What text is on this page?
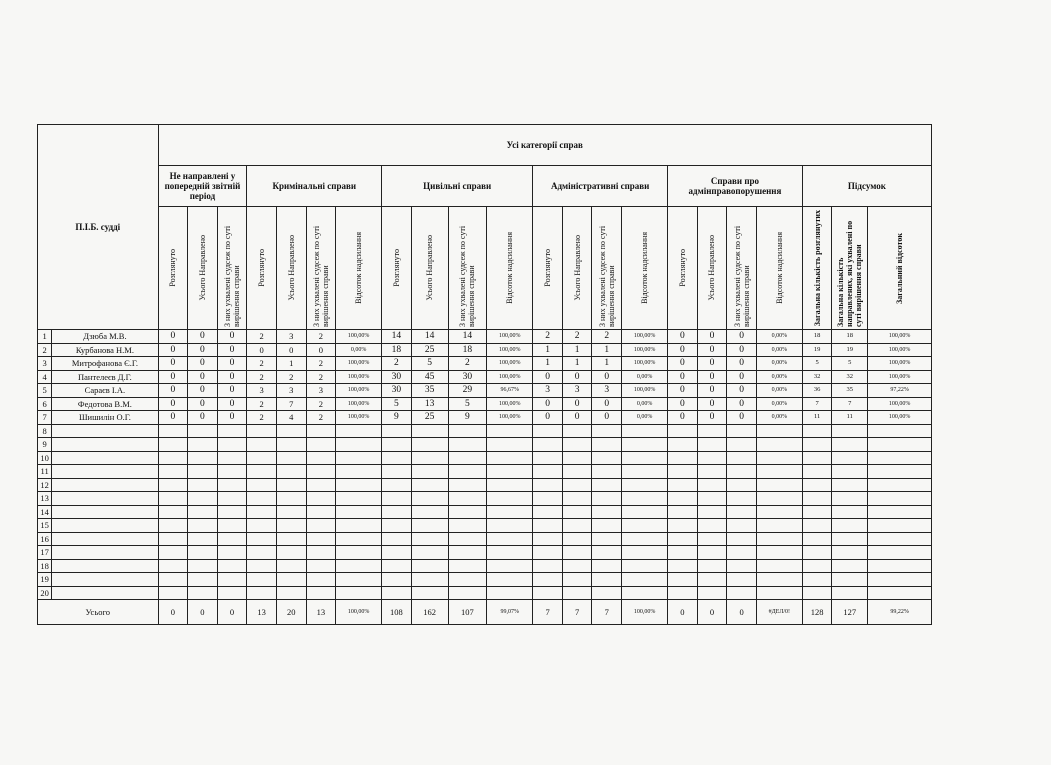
П.І.Б. судді		Усі категорії справ																					
		Не направлені у попередній звітній період			Кримінальні справи				Цивільні справи				Адміністративні справи				Справи про адмінправопорушення				Підсумок		

		Розглянуто	Усього Направлено	З них ухвалені судсеж по суті вирішення справи	Розглянуто	Усього Направлено	З них ухвалені судсеж по суті вирішення справи	Відсоток надсилання	Розглянуто	Усього Направлено	З них ухвалені судсеж по суті вирішення справи	Відсоток надсилання	Розглянуто	Усього Направлено	З них ухвалені судсеж по суті вирішення справи	Відсоток надсилання	Розглянуто	Усього Направлено	З них ухвалені судсеж по суті вирішення справи	Відсоток надсилання	Загальна кількість розглянутих	Загальна кількість направлених, які ухвалені по суті вирішення справи	Загальний відсоток

1	Дзюба М.В.	0	0	0	2	3	2	100,00%	14	14	14	100,00%	2	2	2	100,00%	0	0	0	0,00%	18	18	100,00%
2	Курбанова Н.М.	0	0	0	0	0	0	0,00%	18	25	18	100,00%	1	1	1	100,00%	0	0	0	0,00%	19	19	100,00%
3	Митрофанова Є.Г.	0	0	0	2	1	2	100,00%	2	5	2	100,00%	1	1	1	100,00%	0	0	0	0,00%	5	5	100,00%
4	Пантелеєв Д.Г.	0	0	0	2	2	2	100,00%	30	45	30	100,00%	0	0	0	0,00%	0	0	0	0,00%	32	32	100,00%
5	Сараєв І.А.	0	0	0	3	3	3	100,00%	30	35	29	96,67%	3	3	3	100,00%	0	0	0	0,00%	36	35	97,22%
6	Федотова В.М.	0	0	0	2	7	2	100,00%	5	13	5	100,00%	0	0	0	0,00%	0	0	0	0,00%	7	7	100,00%
7	Шишилін О.Г.	0	0	0	2	4	2	100,00%	9	25	9	100,00%	0	0	0	0,00%	0	0	0	0,00%	11	11	100,00%
8																							
9																							
10																							
11																							
12																							
13																							
14																							
15																							
16																							
17																							
18																							
19																							
20																							
Усього		0	0	0	13	20	13	100,00%	108	162	107	99,07%	7	7	7	100,00%	0	0	0	#ДЕЛ/0!	128	127	99,22%
